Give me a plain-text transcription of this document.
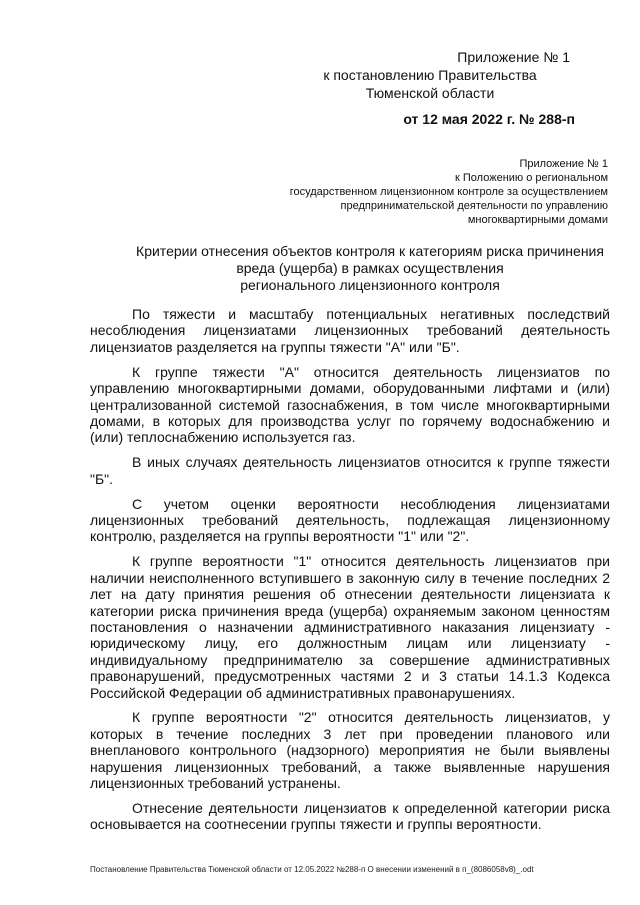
Приложение № 1
к постановлению Правительства
Тюменской области
от 12 мая 2022 г. № 288-п
Приложение № 1
к Положению о региональном
государственном лицензионном контроле за осуществлением
предпринимательской деятельности по управлению
многоквартирными домами
Критерии отнесения объектов контроля к категориям риска причинения
вреда (ущерба) в рамках осуществления
регионального лицензионного контроля

По тяжести и масштабу потенциальных негативных последствий несоблюдения лицензиатами лицензионных требований деятельность лицензиатов разделяется на группы тяжести "А" или "Б".

К группе тяжести "А" относится деятельность лицензиатов по управлению многоквартирными домами, оборудованными лифтами и (или) централизованной системой газоснабжения, в том числе многоквартирными домами, в которых для производства услуг по горячему водоснабжению и (или) теплоснабжению используется газ.

В иных случаях деятельность лицензиатов относится к группе тяжести "Б".

С учетом оценки вероятности несоблюдения лицензиатами лицензионных требований деятельность, подлежащая лицензионному контролю, разделяется на группы вероятности "1" или "2".

К группе вероятности "1" относится деятельность лицензиатов при наличии неисполненного вступившего в законную силу в течение последних 2 лет на дату принятия решения об отнесении деятельности лицензиата к категории риска причинения вреда (ущерба) охраняемым законом ценностям постановления о назначении административного наказания лицензиату - юридическому лицу, его должностным лицам или лицензиату - индивидуальному предпринимателю за совершение административных правонарушений, предусмотренных частями 2 и 3 статьи 14.1.3 Кодекса Российской Федерации об административных правонарушениях.

К группе вероятности "2" относится деятельность лицензиатов, у которых в течение последних 3 лет при проведении планового или внепланового контрольного (надзорного) мероприятия не были выявлены нарушения лицензионных требований, а также выявленные нарушения лицензионных требований устранены.

Отнесение деятельности лицензиатов к определенной категории риска основывается на соотнесении группы тяжести и группы вероятности.

Постановление Правительства Тюменской области от 12.05.2022 №288-п О внесении изменений в п_(8086058v8)_.odt
